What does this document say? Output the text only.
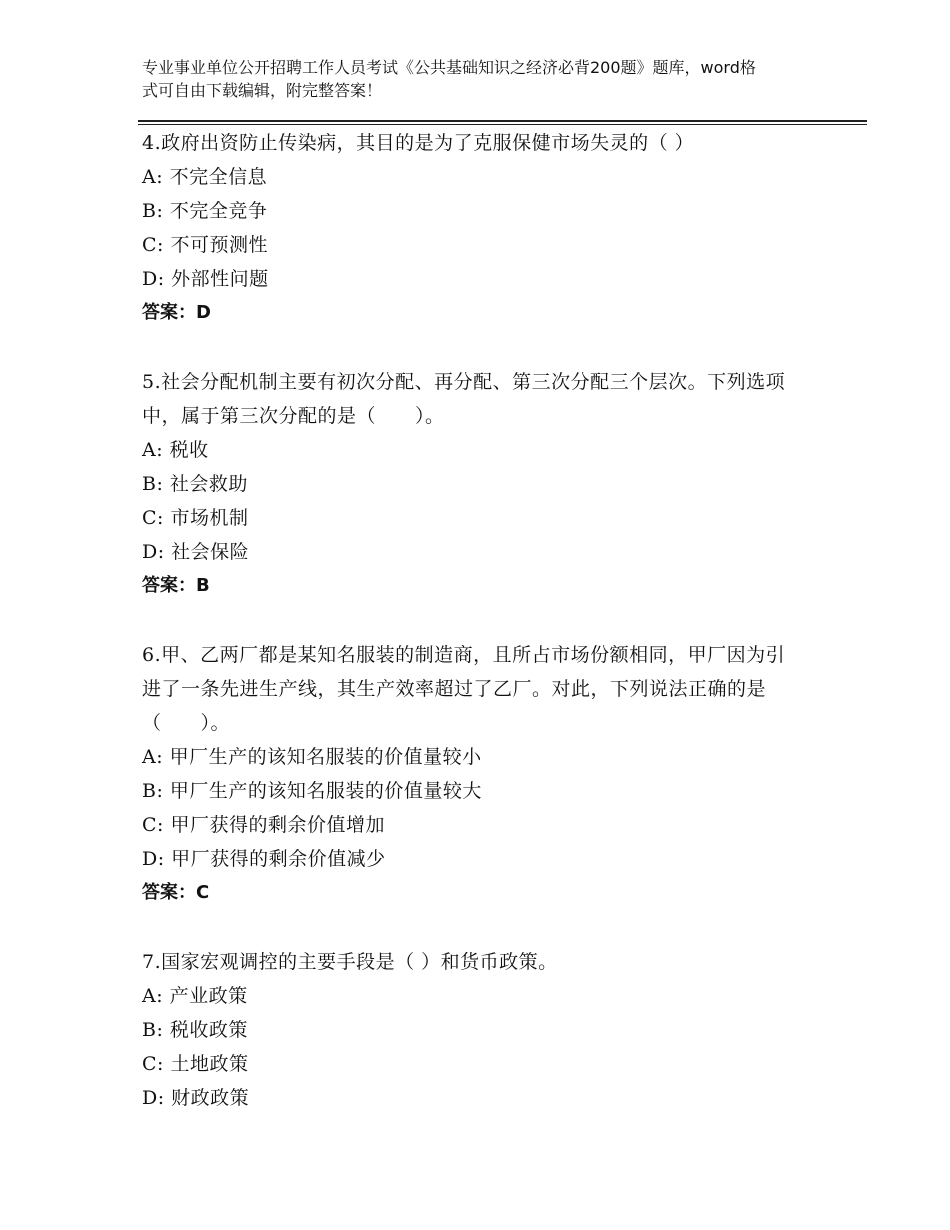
专业事业单位公开招聘工作人员考试《公共基础知识之经济必背200题》题库，word格式可自由下载编辑，附完整答案！
4.政府出资防止传染病，其目的是为了克服保健市场失灵的（ ）
A: 不完全信息
B: 不完全竞争
C: 不可预测性
D: 外部性问题
答案：D
5.社会分配机制主要有初次分配、再分配、第三次分配三个层次。下列选项中，属于第三次分配的是（　　）。
A: 税收
B: 社会救助
C: 市场机制
D: 社会保险
答案：B
6.甲、乙两厂都是某知名服装的制造商，且所占市场份额相同，甲厂因为引进了一条先进生产线，其生产效率超过了乙厂。对此，下列说法正确的是（　　）。
A: 甲厂生产的该知名服装的价值量较小
B: 甲厂生产的该知名服装的价值量较大
C: 甲厂获得的剩余价值增加
D: 甲厂获得的剩余价值减少
答案：C
7.国家宏观调控的主要手段是（ ）和货币政策。
A: 产业政策
B: 税收政策
C: 土地政策
D: 财政政策
